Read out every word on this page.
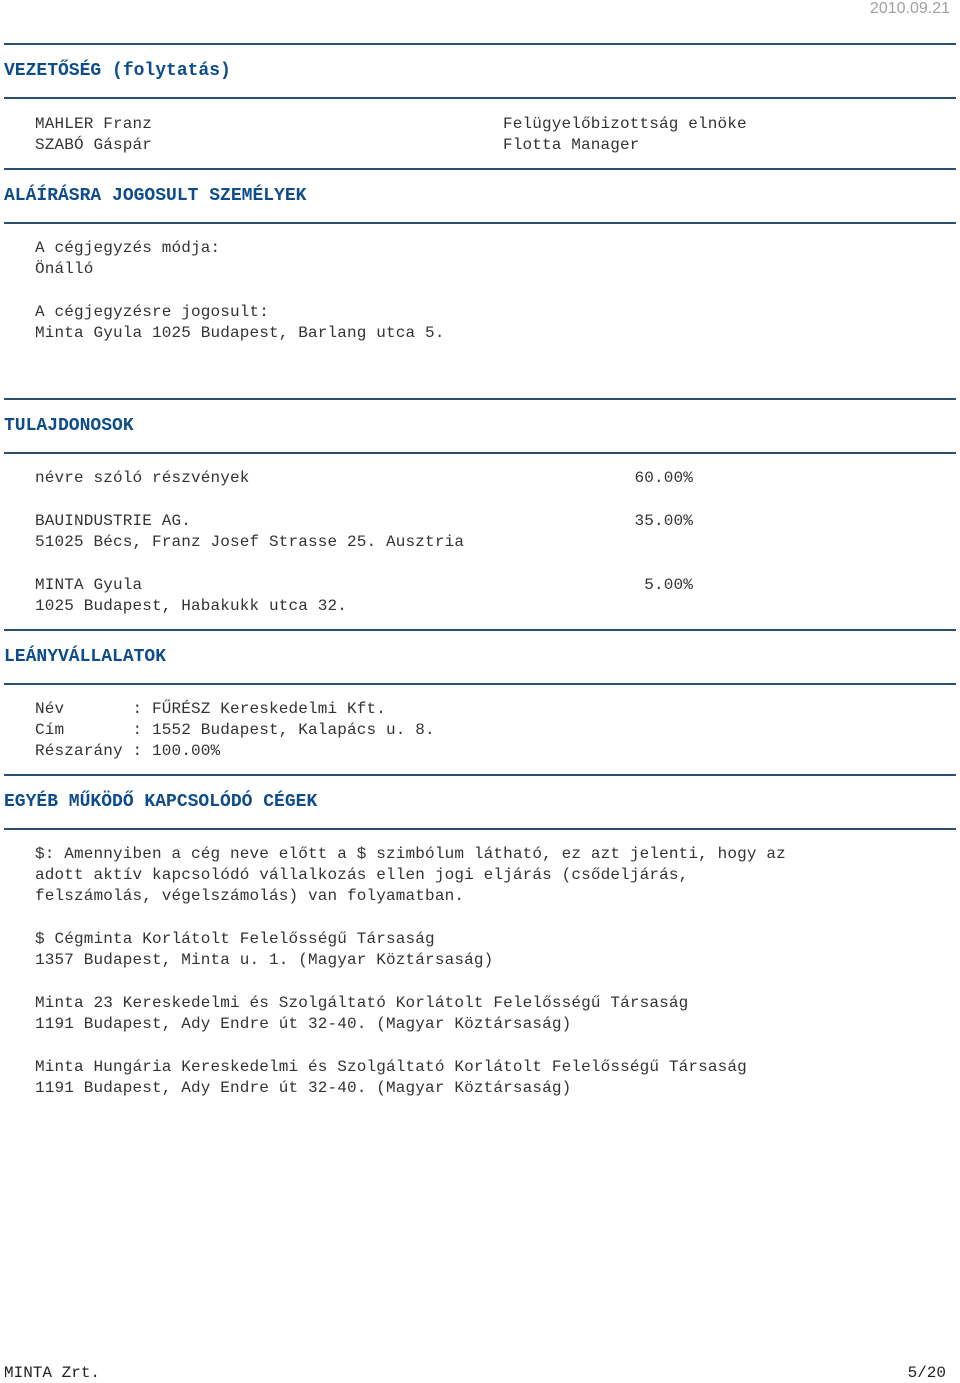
2010.09.21
VEZETŐSÉG (folytatás)
MAHLER Franz	Felügyelőbizottság elnöke
SZABÓ Gáspár	Flotta Manager
ALÁÍRÁSRA JOGOSULT SZEMÉLYEK
A cégjegyzés módja:
Önálló
A cégjegyzésre jogosult:
Minta Gyula 1025 Budapest, Barlang utca 5.
TULAJDONOSOK
névre szóló részvények	60.00%
BAUINDUSTRIE AG.	35.00%
51025 Bécs, Franz Josef Strasse 25. Ausztria
MINTA Gyula	5.00%
1025 Budapest, Habakukk utca 32.
LEÁNYVÁLLALATOK
Név       : FŰRÉSZ Kereskedelmi Kft.
Cím       : 1552 Budapest, Kalapács u. 8.
Részarány : 100.00%
EGYÉB MŰKÖDŐ KAPCSOLÓDÓ CÉGEK
$: Amennyiben a cég neve előtt a $ szimbólum látható, ez azt jelenti, hogy az
adott aktív kapcsolódó vállalkozás ellen jogi eljárás (csődeljárás,
felszámolás, végelszámolás) van folyamatban.
$ Cégminta Korlátolt Felelősségű Társaság
1357 Budapest, Minta u. 1. (Magyar Köztársaság)
Minta 23 Kereskedelmi és Szolgáltató Korlátolt Felelősségű Társaság
1191 Budapest, Ady Endre út 32-40. (Magyar Köztársaság)
Minta Hungária Kereskedelmi és Szolgáltató Korlátolt Felelősségű Társaság
1191 Budapest, Ady Endre út 32-40. (Magyar Köztársaság)
MINTA Zrt.	5/20
